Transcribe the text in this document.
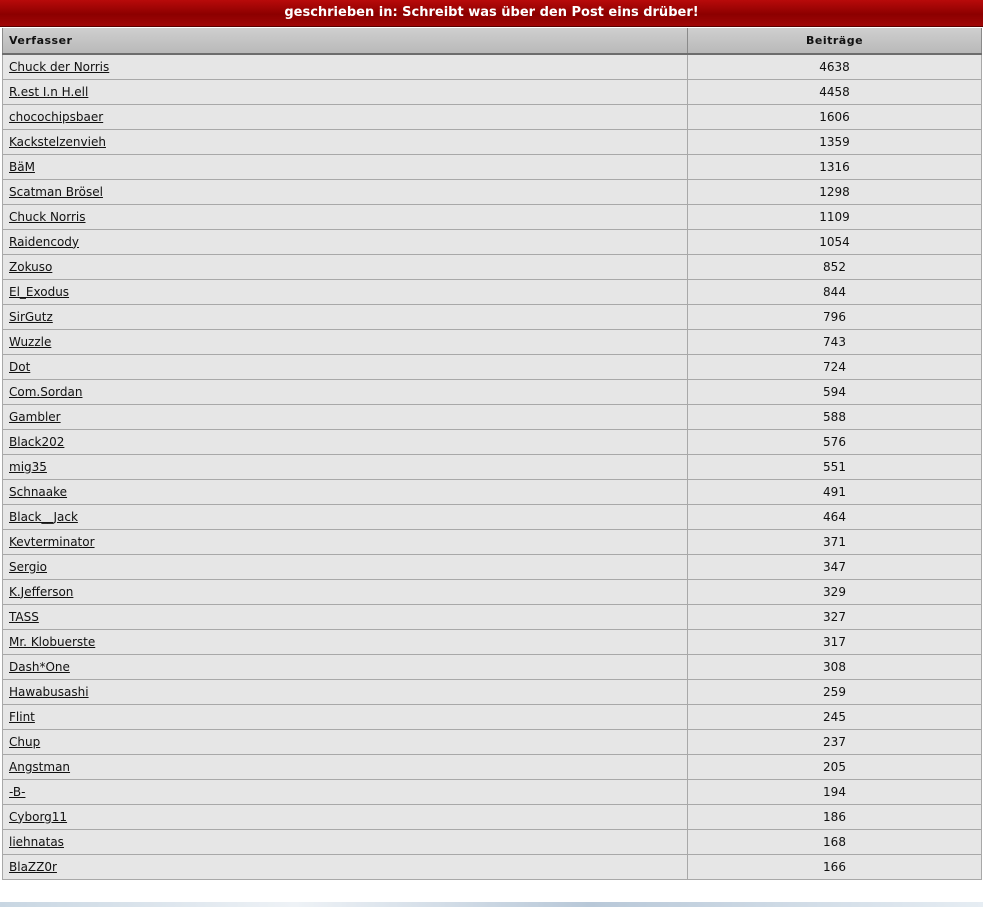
geschrieben in: Schreibt was über den Post eins drüber!
Verfasser	Beiträge
Chuck der Norris	4638
R.est I.n H.ell	4458
chocochipsbaer	1606
Kackstelzenvieh	1359
BäM	1316
Scatman Brösel	1298
Chuck Norris	1109
Raidencody	1054
Zokuso	852
El_Exodus	844
SirGutz	796
Wuzzle	743
Dot	724
Com.Sordan	594
Gambler	588
Black202	576
mig35	551
Schnaake	491
Black__Jack	464
Kevterminator	371
Sergio	347
K.Jefferson	329
TASS	327
Mr. Klobuerste	317
Dash*One	308
Hawabusashi	259
Flint	245
Chup	237
Angstman	205
-B-	194
Cyborg11	186
liehnatas	168
BlaZZ0r	166
